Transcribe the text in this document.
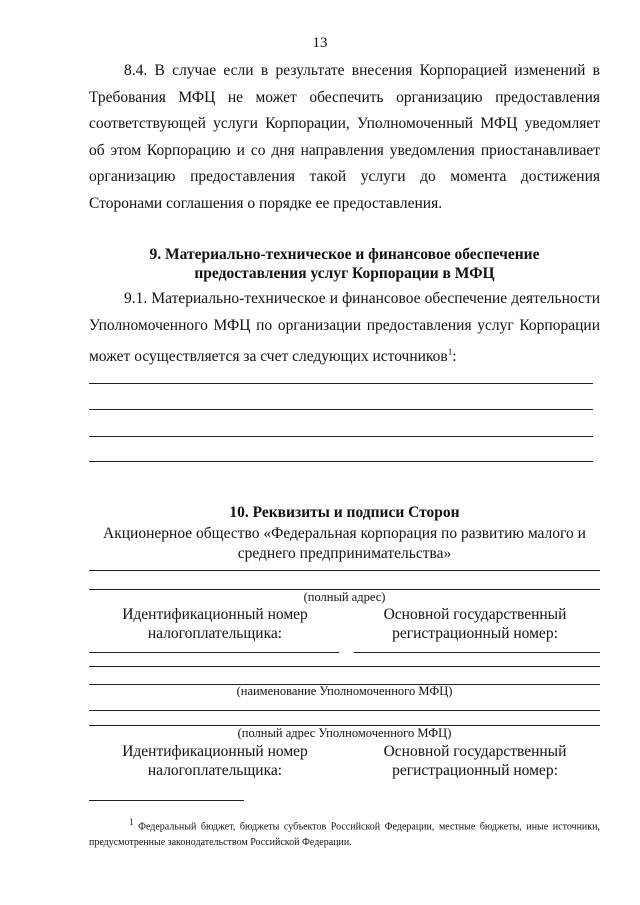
13

8.4. В случае если в результате внесения Корпорацией изменений в Требования МФЦ не может обеспечить организацию предоставления соответствующей услуги Корпорации, Уполномоченный МФЦ уведомляет об этом Корпорацию и со дня направления уведомления приостанавливает организацию предоставления такой услуги до момента достижения Сторонами соглашения о порядке ее предоставления.

9. Материально-техническое и финансовое обеспечение
предоставления услуг Корпорации в МФЦ

9.1. Материально-техническое и финансовое обеспечение деятельности Уполномоченного МФЦ по организации предоставления услуг Корпорации может осуществляется за счет следующих источников$^1$:

10. Реквизиты и подписи Сторон
Акционерное общество «Федеральная корпорация по развитию малого и
среднего предпринимательства»
(полный адрес)
Идентификационный номер
налогоплательщика:
Основной государственный
регистрационный номер:
(наименование Уполномоченного МФЦ)
(полный адрес Уполномоченного МФЦ)
Идентификационный номер
налогоплательщика:
Основной государственный
регистрационный номер:

$^1$ Федеральный бюджет, бюджеты субъектов Российской Федерации, местные бюджеты, иные источники, предусмотренные законодательством Российской Федерации.
